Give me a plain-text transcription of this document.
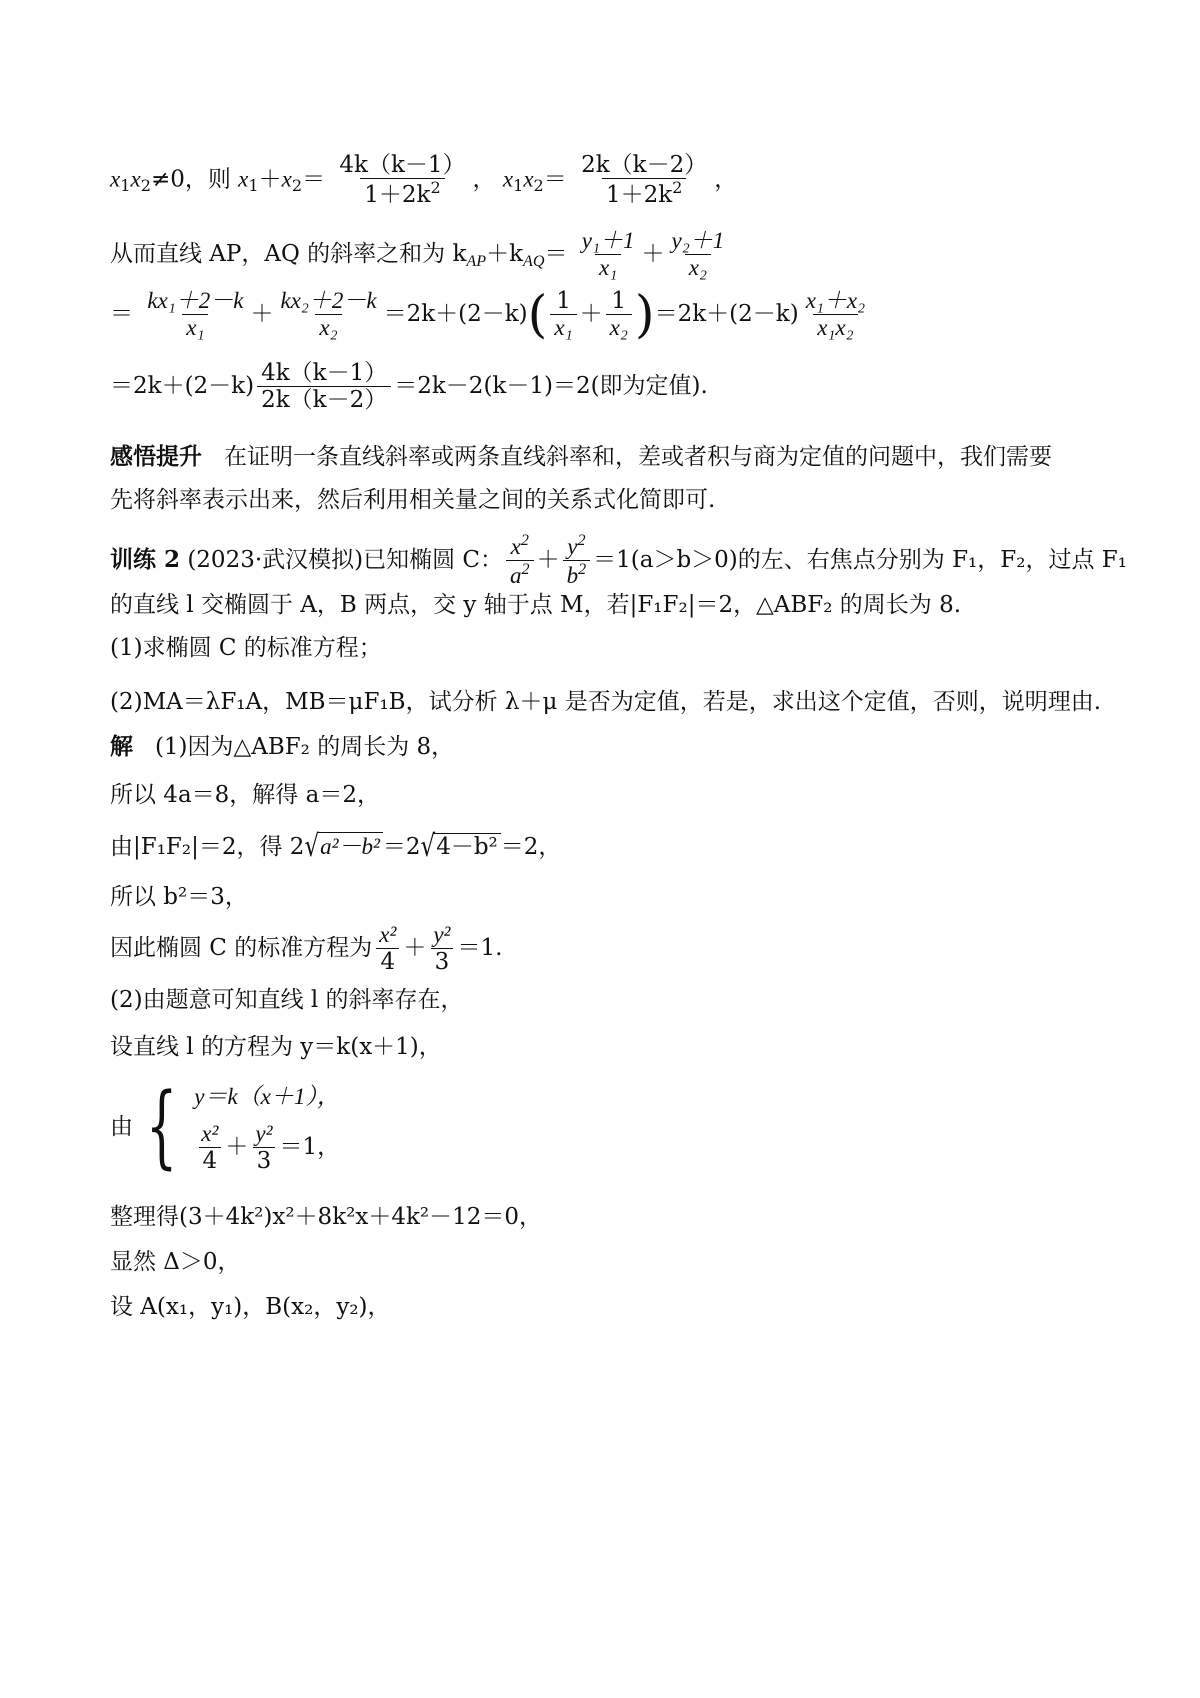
$x_1x_2\ne 0$，则 $x_1+x_2= \frac{4k(k-1)}{1+2k^2}$ ， $x_1x_2= \frac{2k(k-2)}{1+2k^2}$ ，
从而直线 AP，AQ 的斜率之和为 $k_{AP}+k_{AQ}= \frac{\text{y₁＋1}}{\text{x₁}} + \frac{\text{y₂＋1}}{\text{x₂}}$
＝ $\frac{\text{kx₁＋2－k}}{\text{x₁}} + \frac{\text{kx₂＋2－k}}{\text{x₂}} =2k+(2-k)( \frac{1}{\text{x₁}} + \frac{1}{\text{x₂}} )=2k+(2-k) \frac{\text{x₁＋x₂}}{\text{x₁x₂}}$
$=2k+(2-k) \frac{4k(k-1)}{2k(k-2)} =2k-2(k-1)=2$(即为定值).
感悟提升 在证明一条直线斜率或两条直线斜率和，差或者积与商为定值的问题中，我们需要
先将斜率表示出来，然后利用相关量之间的关系式化简即可.
训练 2 (2023·武汉模拟)已知椭圆 C： $\frac{x^2}{a^2} + \frac{y^2}{b^2} =1(a>b>0)$的左、右焦点分别为 F₁，F₂，过点 F₁
的直线 l 交椭圆于 A，B 两点，交 y 轴于点 M，若|F₁F₂|＝2，△ABF₂ 的周长为 8.
(1)求椭圆 C 的标准方程；
(2)MA＝λF₁A，MB＝μF₁B，试分析 λ＋μ 是否为定值，若是，求出这个定值，否则，说明理由.
解 (1)因为△ABF₂ 的周长为 8，
所以 4a＝8，解得 a＝2，
由|F₁F₂|＝2，得 2√a²－b² ＝2√4－b² ＝2，
所以 b²＝3，
因此椭圆 C 的标准方程为 $\frac{\text{x²}}{4} + \frac{\text{y²}}{3} =1$.
(2)由题意可知直线 l 的斜率存在，
设直线 l 的方程为 y＝k(x＋1)，
由 { y＝k（x＋1），
$\frac{\text{x²}}{4} + \frac{\text{y²}}{3} =1$，
整理得(3＋4k²)x²＋8k²x＋4k²－12＝0，
显然 Δ＞0，
设 A(x₁，y₁)，B(x₂，y₂)，
